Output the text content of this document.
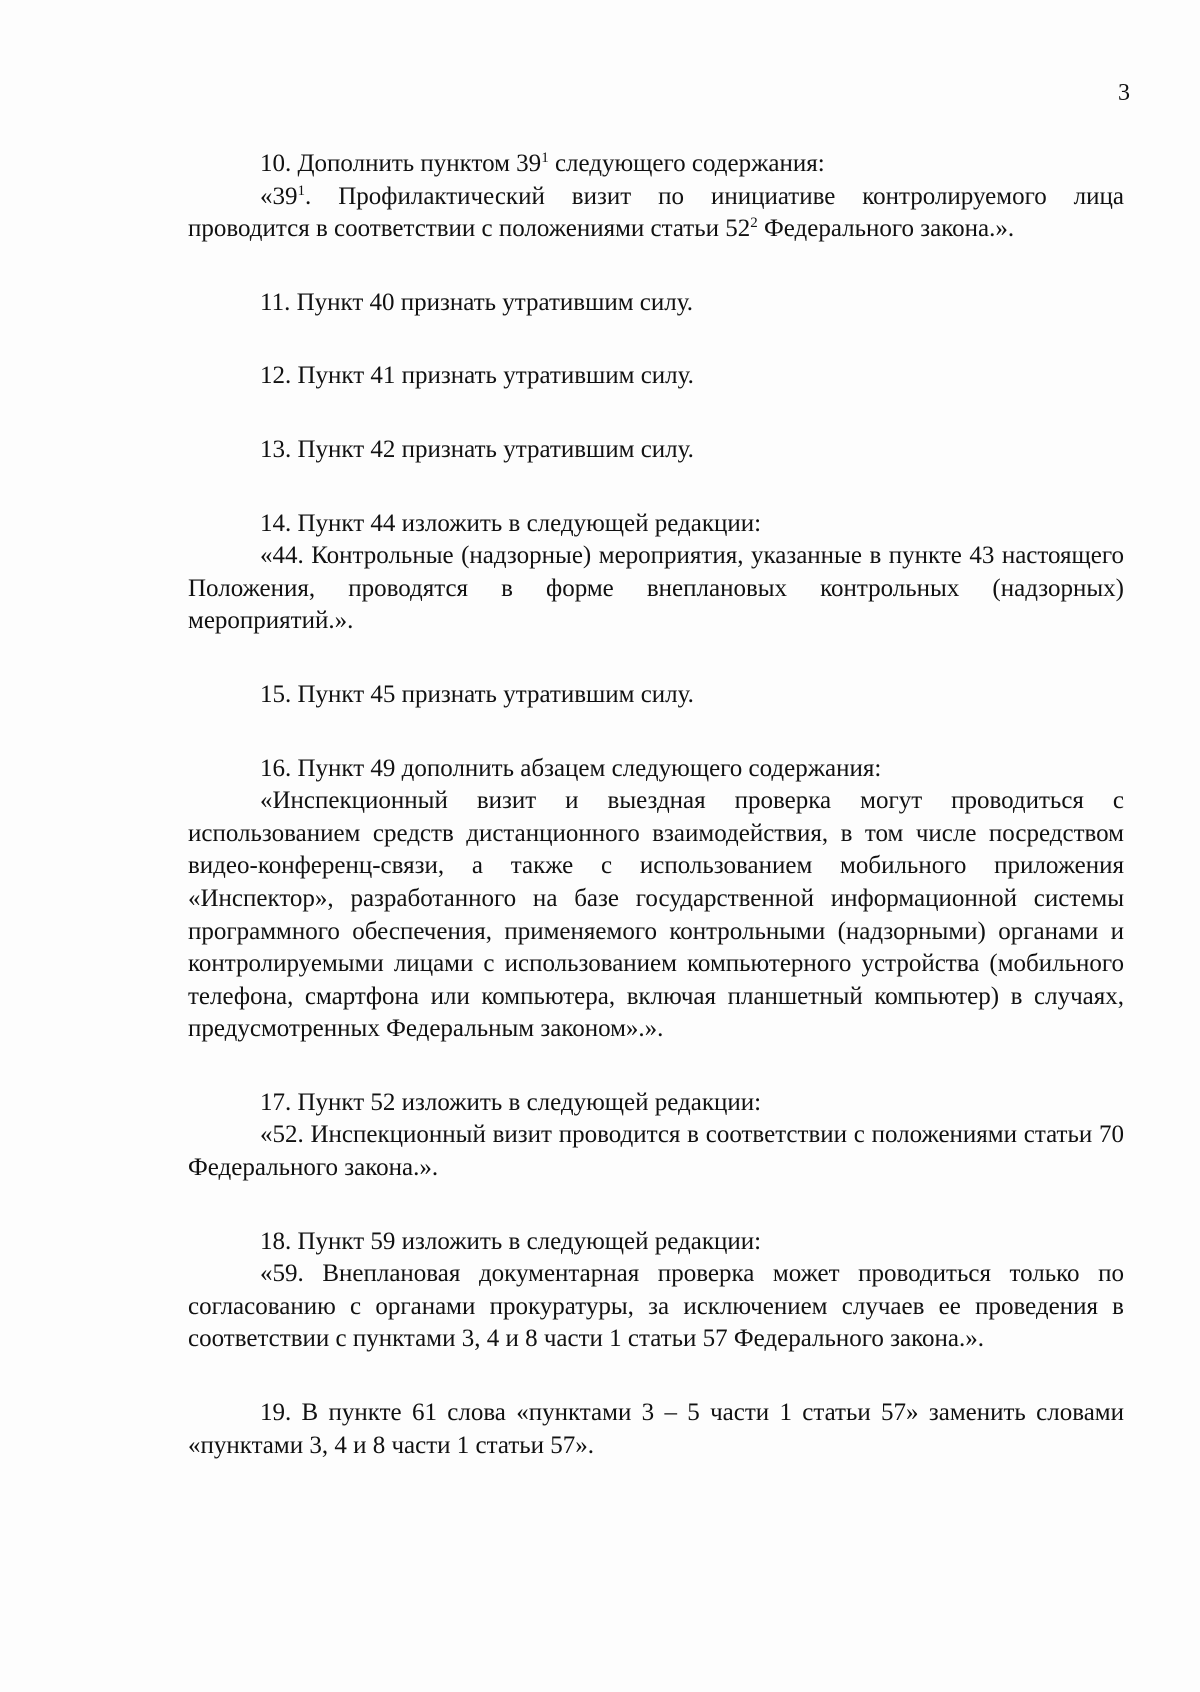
3

10. Дополнить пунктом $39^1$ следующего содержания:

«$39^1$. Профилактический визит по инициативе контролируемого лица проводится в соответствии с положениями статьи $52^2$ Федерального закона.».

11. Пункт 40 признать утратившим силу.

12. Пункт 41 признать утратившим силу.

13. Пункт 42 признать утратившим силу.

14. Пункт 44 изложить в следующей редакции:

«44. Контрольные (надзорные) мероприятия, указанные в пункте 43 настоящего Положения, проводятся в форме внеплановых контрольных (надзорных) мероприятий.».

15. Пункт 45 признать утратившим силу.

16. Пункт 49 дополнить абзацем следующего содержания:

«Инспекционный визит и выездная проверка могут проводиться с использованием средств дистанционного взаимодействия, в том числе посредством видео-конференц-связи, а также с использованием мобильного приложения «Инспектор», разработанного на базе государственной информационной системы программного обеспечения, применяемого контрольными (надзорными) органами и контролируемыми лицами с использованием компьютерного устройства (мобильного телефона, смартфона или компьютера, включая планшетный компьютер) в случаях, предусмотренных Федеральным законом».».

17. Пункт 52 изложить в следующей редакции:

«52. Инспекционный визит проводится в соответствии с положениями статьи 70 Федерального закона.».

18. Пункт 59 изложить в следующей редакции:

«59. Внеплановая документарная проверка может проводиться только по согласованию с органами прокуратуры, за исключением случаев ее проведения в соответствии с пунктами 3, 4 и 8 части 1 статьи 57 Федерального закона.».

19. В пункте 61 слова «пунктами 3 – 5 части 1 статьи 57» заменить словами «пунктами 3, 4 и 8 части 1 статьи 57».
